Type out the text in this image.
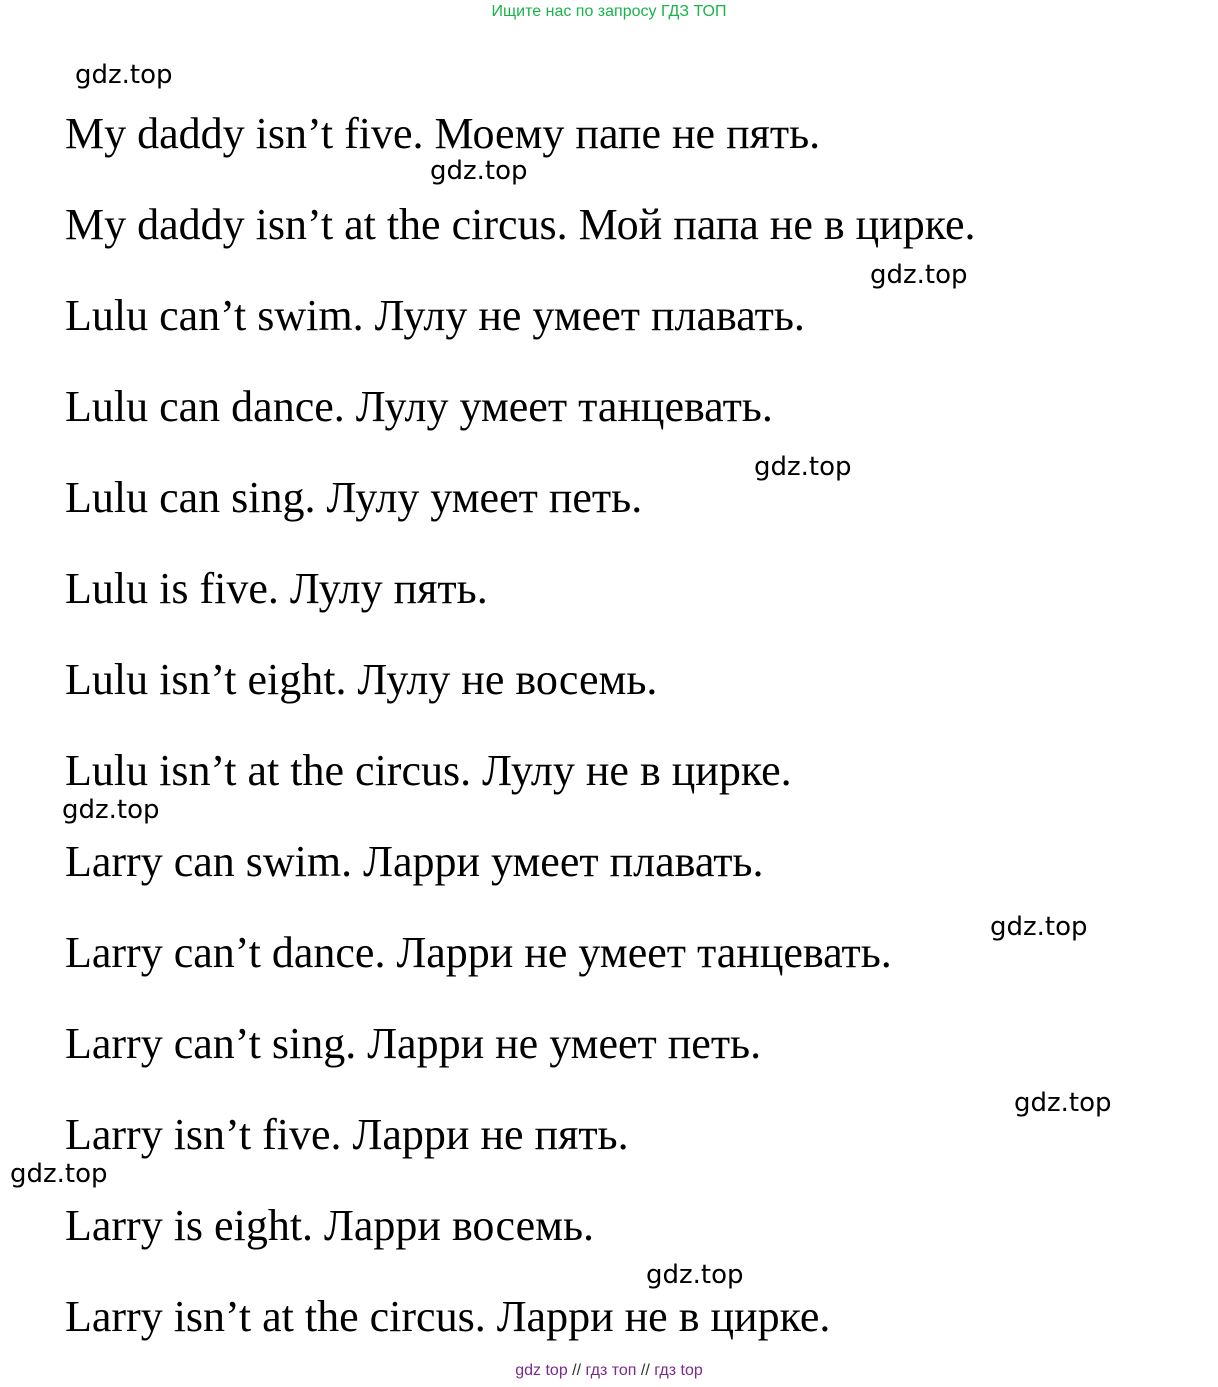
Ищите нас по запросу ГДЗ ТОП
My daddy isn’t five. Моему папе не пять.
My daddy isn’t at the circus. Мой папа не в цирке.
Lulu can’t swim. Лулу не умеет плавать.
Lulu can dance. Лулу умеет танцевать.
Lulu can sing. Лулу умеет петь.
Lulu is five. Лулу пять.
Lulu isn’t eight. Лулу не восемь.
Lulu isn’t at the circus. Лулу не в цирке.
Larry can swim. Ларри умеет плавать.
Larry can’t dance. Ларри не умеет танцевать.
Larry can’t sing. Ларри не умеет петь.
Larry isn’t five. Ларри не пять.
Larry is eight. Ларри восемь.
Larry isn’t at the circus. Ларри не в цирке.
gdz.top
gdz.top
gdz.top
gdz.top
gdz.top
gdz.top
gdz.top
gdz.top
gdz.top
gdz top // гдз топ // гдз top
